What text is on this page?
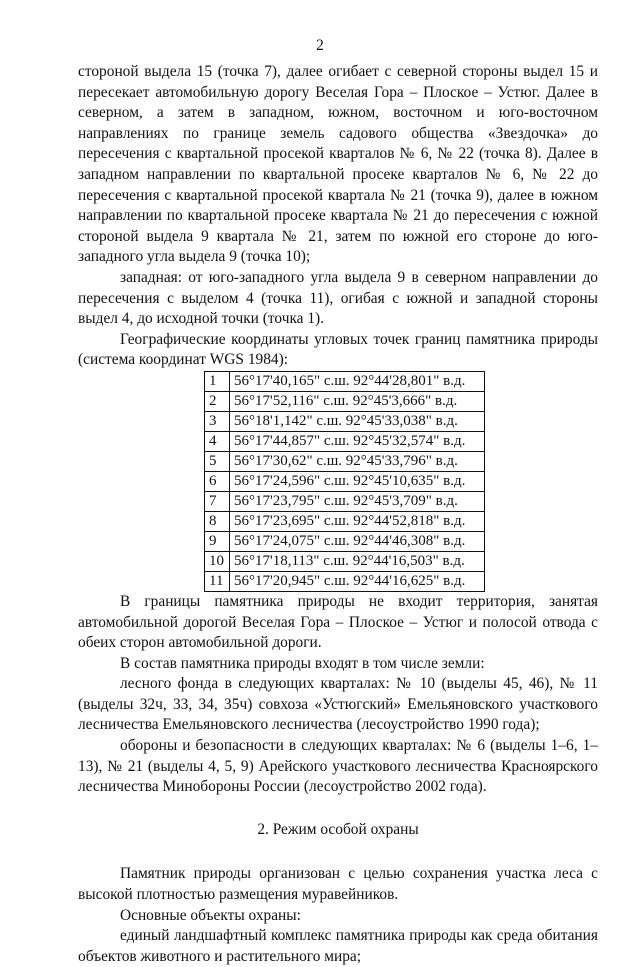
2

стороной выдела 15 (точка 7), далее огибает с северной стороны выдел 15 и пересекает автомобильную дорогу Веселая Гора – Плоское – Устюг. Далее в северном, а затем в западном, южном, восточном и юго-восточном направлениях по границе земель садового общества «Звездочка» до пересечения с квартальной просекой кварталов № 6, № 22 (точка 8). Далее в западном направлении по квартальной просеке кварталов № 6, № 22 до пересечения с квартальной просекой квартала № 21 (точка 9), далее в южном направлении по квартальной просеке квартала № 21 до пересечения с южной стороной выдела 9 квартала № 21, затем по южной его стороне до юго-западного угла выдела 9 (точка 10);

западная: от юго-западного угла выдела 9 в северном направлении до пересечения с выделом 4 (точка 11), огибая с южной и западной стороны выдел 4, до исходной точки (точка 1).

Географические координаты угловых точек границ памятника природы (система координат WGS 1984):

1	56°17'40,165" с.ш. 92°44'28,801" в.д.
2	56°17'52,116" с.ш. 92°45'3,666" в.д.
3	56°18'1,142" с.ш. 92°45'33,038" в.д.
4	56°17'44,857" с.ш. 92°45'32,574" в.д.
5	56°17'30,62" с.ш. 92°45'33,796" в.д.
6	56°17'24,596" с.ш. 92°45'10,635" в.д.
7	56°17'23,795" с.ш. 92°45'3,709" в.д.
8	56°17'23,695" с.ш. 92°44'52,818" в.д.
9	56°17'24,075" с.ш. 92°44'46,308" в.д.
10	56°17'18,113" с.ш. 92°44'16,503" в.д.
11	56°17'20,945" с.ш. 92°44'16,625" в.д.

В границы памятника природы не входит территория, занятая автомобильной дорогой Веселая Гора – Плоское – Устюг и полосой отвода с обеих сторон автомобильной дороги.

В состав памятника природы входят в том числе земли:

лесного фонда в следующих кварталах: № 10 (выделы 45, 46), № 11 (выделы 32ч, 33, 34, 35ч) совхоза «Устюгский» Емельяновского участкового лесничества Емельяновского лесничества (лесоустройство 1990 года);

обороны и безопасности в следующих кварталах: № 6 (выделы 1–6, 1–13), № 21 (выделы 4, 5, 9) Арейского участкового лесничества Красноярского лесничества Минобороны России (лесоустройство 2002 года).

2. Режим особой охраны

Памятник природы организован с целью сохранения участка леса с высокой плотностью размещения муравейников.

Основные объекты охраны:

единый ландшафтный комплекс памятника природы как среда обитания объектов животного и растительного мира;
